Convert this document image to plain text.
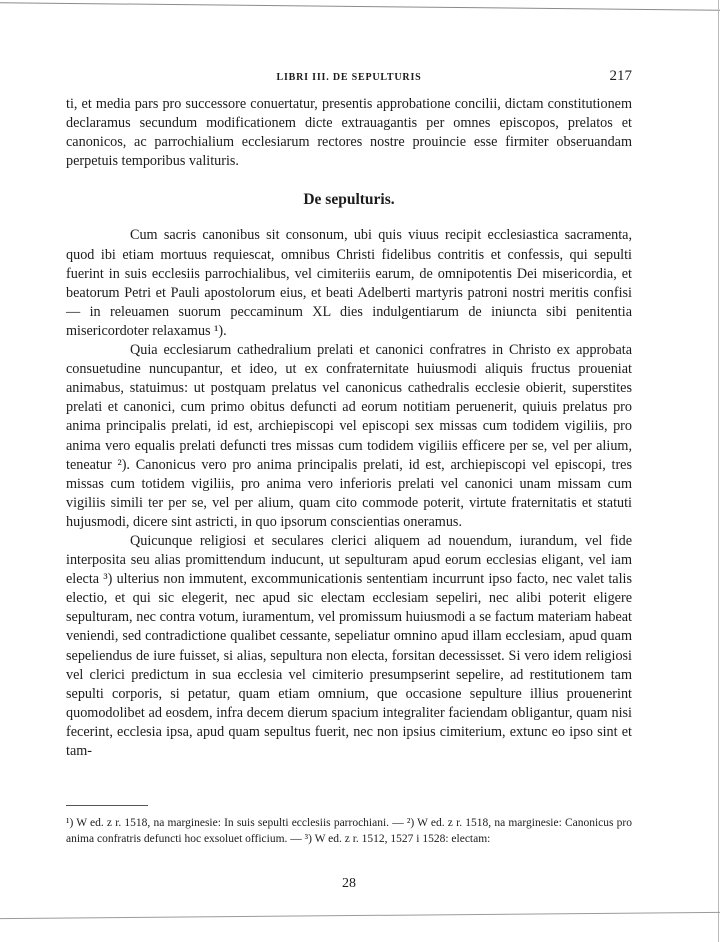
LIBRI III. DE SEPULTURIS	217

ti, et media pars pro successore conuertatur, presentis approbatione concilii, dictam constitutionem declaramus secundum modificationem dicte extrauagantis per omnes episcopos, prelatos et canonicos, ac parrochialium ecclesiarum rectores nostre prouincie esse firmiter obseruandam perpetuis temporibus valituris.

De sepulturis.

Cum sacris canonibus sit consonum, ubi quis viuus recipit ecclesiastica sacramenta, quod ibi etiam mortuus requiescat, omnibus Christi fidelibus contritis et confessis, qui sepulti fuerint in suis ecclesiis parrochialibus, vel cimiteriis earum, de omnipotentis Dei misericordia, et beatorum Petri et Pauli apostolorum eius, et beati Adelberti martyris patroni nostri meritis confisi — in releuamen suorum peccaminum XL dies indulgentiarum de iniuncta sibi penitentia misericordoter relaxamus ¹).

Quia ecclesiarum cathedralium prelati et canonici confratres in Christo ex approbata consuetudine nuncupantur, et ideo, ut ex confraternitate huiusmodi aliquis fructus proueniat animabus, statuimus: ut postquam prelatus vel canonicus cathedralis ecclesie obierit, superstites prelati et canonici, cum primo obitus defuncti ad eorum notitiam peruenerit, quiuis prelatus pro anima principalis prelati, id est, archiepiscopi vel episcopi sex missas cum todidem vigiliis, pro anima vero equalis prelati defuncti tres missas cum todidem vigiliis efficere per se, vel per alium, teneatur ²). Canonicus vero pro anima principalis prelati, id est, archiepiscopi vel episcopi, tres missas cum totidem vigiliis, pro anima vero inferioris prelati vel canonici unam missam cum vigiliis simili ter per se, vel per alium, quam cito commode poterit, virtute fraternitatis et statuti hujusmodi, dicere sint astricti, in quo ipsorum conscientias oneramus.

Quicunque religiosi et seculares clerici aliquem ad nouendum, iurandum, vel fide interposita seu alias promittendum inducunt, ut sepulturam apud eorum ecclesias eligant, vel iam electa ³) ulterius non immutent, excommunicationis sententiam incurrunt ipso facto, nec valet talis electio, et qui sic elegerit, nec apud sic electam ecclesiam sepeliri, nec alibi poterit eligere sepulturam, nec contra votum, iuramentum, vel promissum huiusmodi a se factum materiam habeat veniendi, sed contradictione qualibet cessante, sepeliatur omnino apud illam ecclesiam, apud quam sepeliendus de iure fuisset, si alias, sepultura non electa, forsitan decessisset. Si vero idem religiosi vel clerici predictum in sua ecclesia vel cimiterio presumpserint sepelire, ad restitutionem tam sepulti corporis, si petatur, quam etiam omnium, que occasione sepulture illius prouenerint quomodolibet ad eosdem, infra decem dierum spacium integraliter faciendam obligantur, quam nisi fecerint, ecclesia ipsa, apud quam sepultus fuerit, nec non ipsius cimiterium, extunc eo ipso sint et tam-

¹) W ed. z r. 1518, na marginesie: In suis sepulti ecclesiis parrochiani. — ²) W ed. z r. 1518, na marginesie: Canonicus pro anima confratris defuncti hoc exsoluet officium. — ³) W ed. z r. 1512, 1527 i 1528: electam:
28
